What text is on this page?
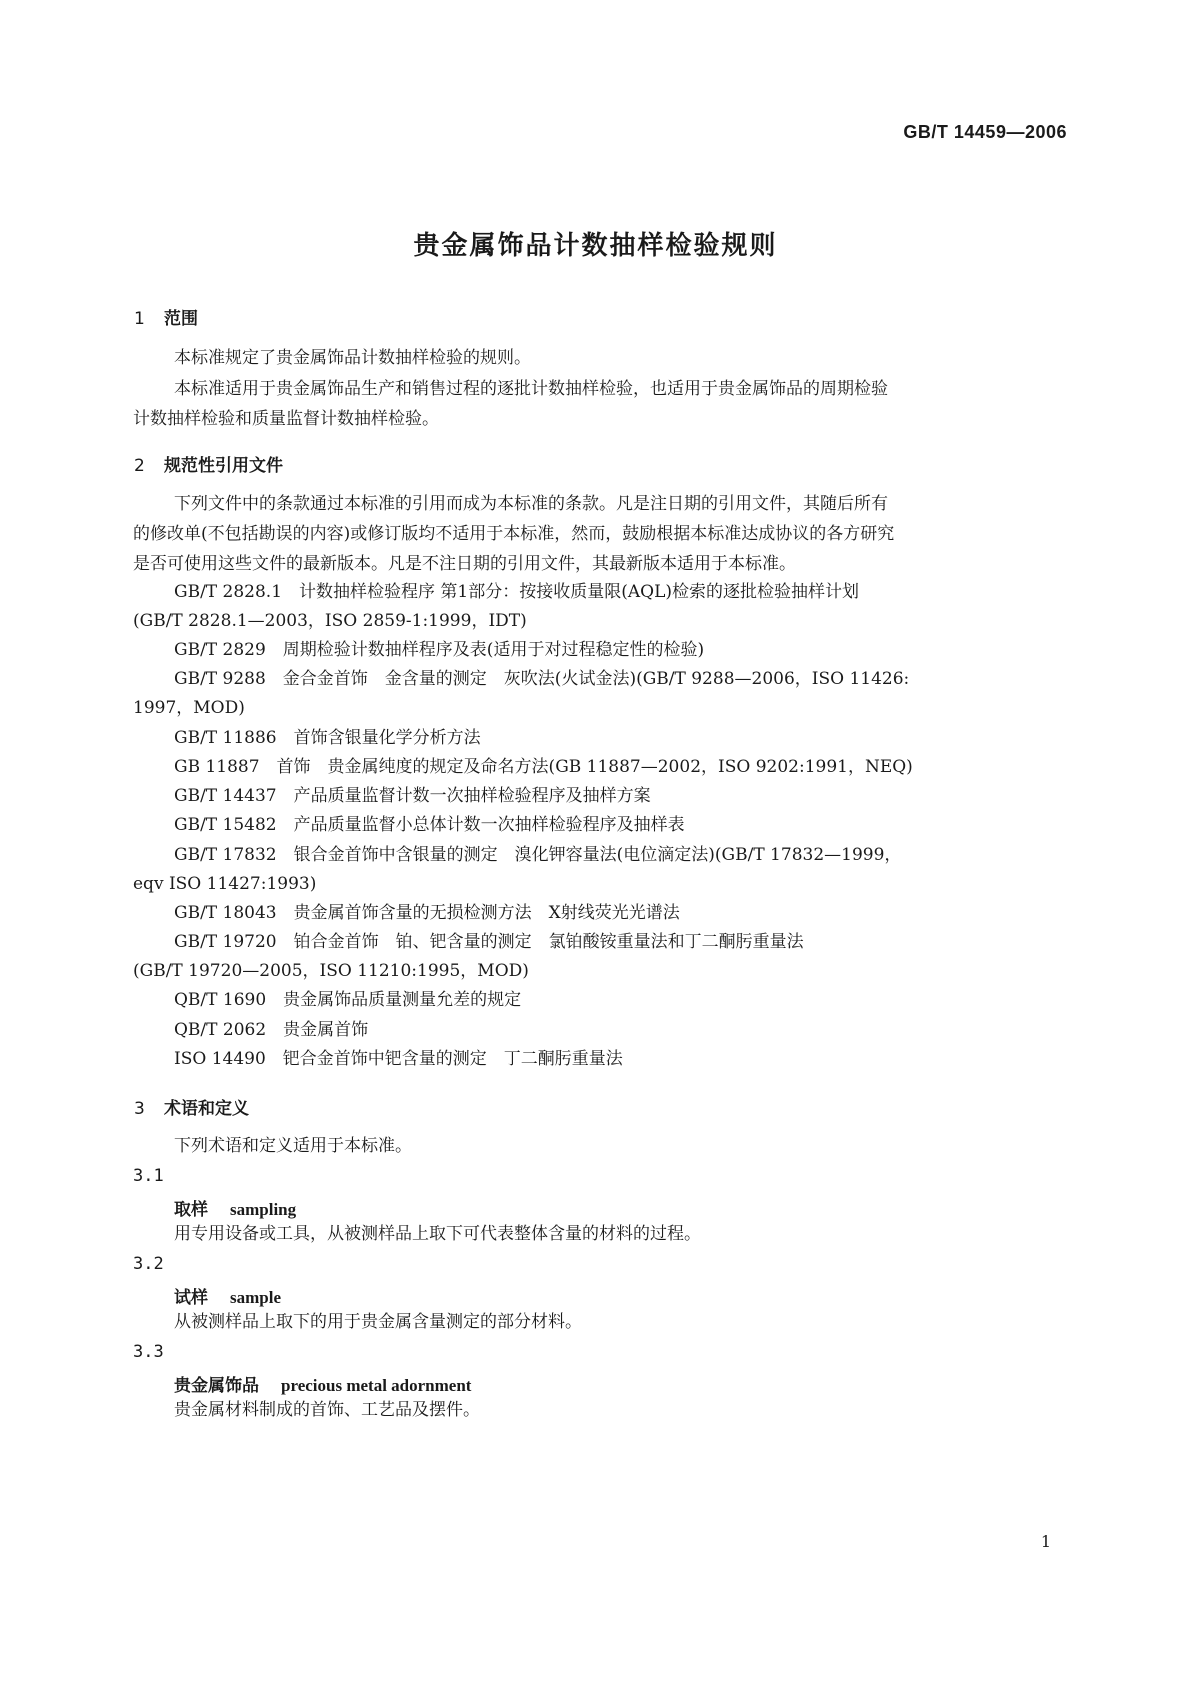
GB/T 14459—2006
贵金属饰品计数抽样检验规则
1 范围
本标准规定了贵金属饰品计数抽样检验的规则。
本标准适用于贵金属饰品生产和销售过程的逐批计数抽样检验，也适用于贵金属饰品的周期检验
计数抽样检验和质量监督计数抽样检验。
2 规范性引用文件
下列文件中的条款通过本标准的引用而成为本标准的条款。凡是注日期的引用文件，其随后所有
的修改单(不包括勘误的内容)或修订版均不适用于本标准，然而，鼓励根据本标准达成协议的各方研究
是否可使用这些文件的最新版本。凡是不注日期的引用文件，其最新版本适用于本标准。
GB/T 2828.1　计数抽样检验程序 第1部分：按接收质量限(AQL)检索的逐批检验抽样计划
(GB/T 2828.1—2003，ISO 2859-1:1999，IDT)
GB/T 2829　周期检验计数抽样程序及表(适用于对过程稳定性的检验)
GB/T 9288　金合金首饰　金含量的测定　灰吹法(火试金法)(GB/T 9288—2006，ISO 11426:
1997，MOD)
GB/T 11886　首饰含银量化学分析方法
GB 11887　首饰　贵金属纯度的规定及命名方法(GB 11887—2002，ISO 9202:1991，NEQ)
GB/T 14437　产品质量监督计数一次抽样检验程序及抽样方案
GB/T 15482　产品质量监督小总体计数一次抽样检验程序及抽样表
GB/T 17832　银合金首饰中含银量的测定　溴化钾容量法(电位滴定法)(GB/T 17832—1999，
eqv ISO 11427:1993)
GB/T 18043　贵金属首饰含量的无损检测方法　X射线荧光光谱法
GB/T 19720　铂合金首饰　铂、钯含量的测定　氯铂酸铵重量法和丁二酮肟重量法
(GB/T 19720—2005，ISO 11210:1995，MOD)
QB/T 1690　贵金属饰品质量测量允差的规定
QB/T 2062　贵金属首饰
ISO 14490　钯合金首饰中钯含量的测定　丁二酮肟重量法
3 术语和定义
下列术语和定义适用于本标准。
3.1
取样 sampling
用专用设备或工具，从被测样品上取下可代表整体含量的材料的过程。
3.2
试样 sample
从被测样品上取下的用于贵金属含量测定的部分材料。
3.3
贵金属饰品 precious metal adornment
贵金属材料制成的首饰、工艺品及摆件。
1
